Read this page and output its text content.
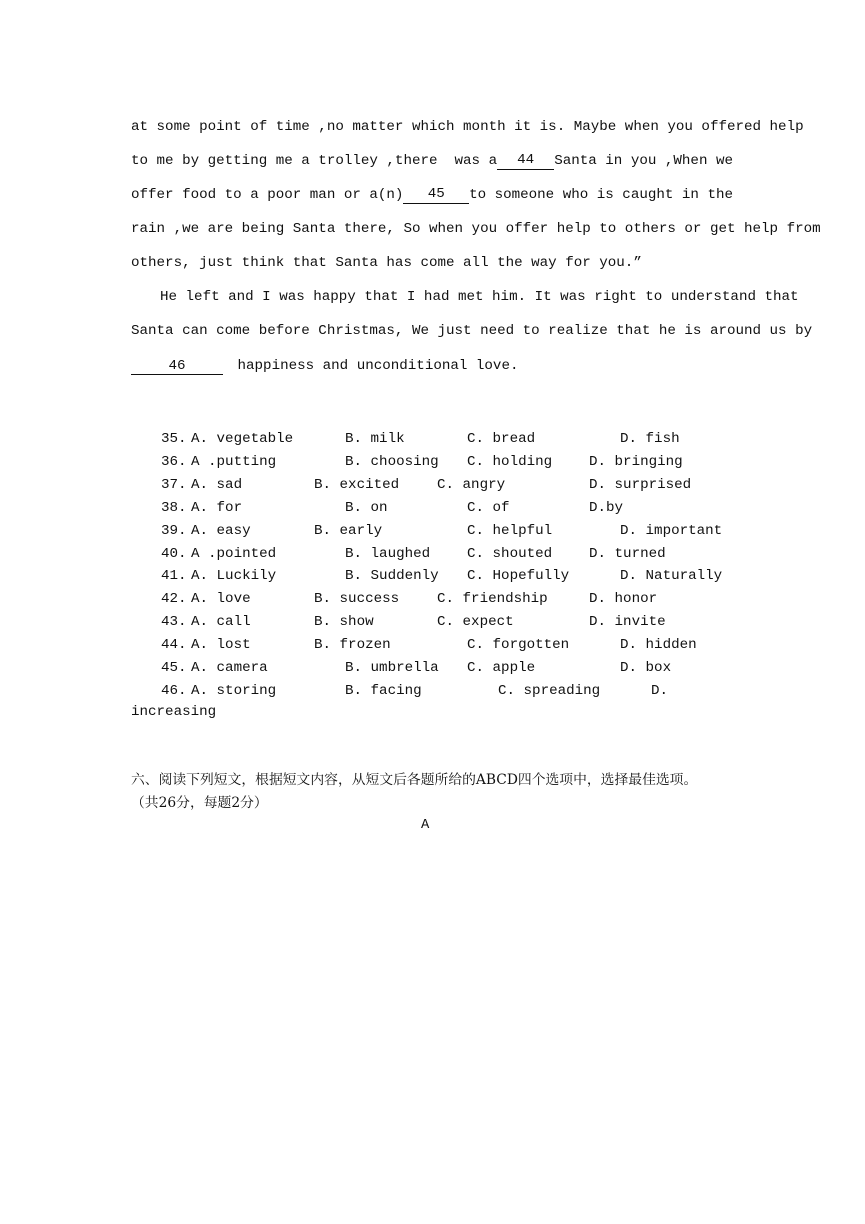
at some point of time ,no matter which month it is. Maybe when you offered help
to me by getting me a trolley ,there  was a	44	Santa in you ,When we
offer food to a poor man or a(n)	45	to someone who is caught in the
rain ,we are being Santa there, So when you offer help to others or get help from
others, just think that Santa has come all the way for you.”
He left and I was happy that I had met him. It was right to understand that
Santa can come before Christmas, We just need to realize that he is around us by
46	happiness and unconditional love.
35. A. vegetable	B. milk	C. bread	D. fish
36. A .putting	B. choosing C. holding	D. bringing
37. A. sad	B. excited	C. angry	D. surprised
38. A. for	B. on	C. of	D.by
39. A. easy	B. early	C. helpful	D. important
40. A .pointed	B. laughed	C. shouted	D. turned
41. A. Luckily	B. Suddenly C. Hopefully	D. Naturally
42. A. love	B. success	C. friendship	D. honor
43. A. call	B. show	C. expect	D. invite
44. A. lost	B. frozen	C. forgotten	D. hidden
45. A. camera	B. umbrella C. apple	D. box
46. A. storing	B. facing	C. spreading	D.
increasing
六、阅读下列短文，根据短文内容，从短文后各题所给的ABCD四个选项中，选择最佳选项。
（共26分，每题2分）
A
